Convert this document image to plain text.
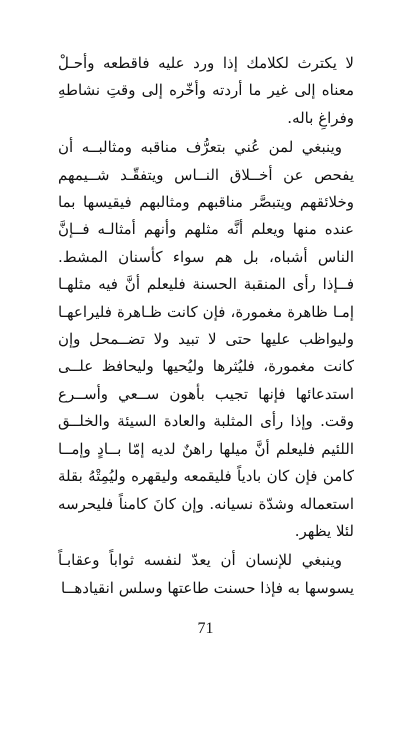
لا يكترث لكلامك إذا ورد عليه فاقطعه وأحـلْ معناه إلى غير ما أردته وأخّره إلى وقتِ نشاطهِ وفراغِ باله.

وينبغي لمن عُني بتعرُّف مناقبه ومثالبــه أن يفحص عن أخــلاق النــاس ويتفقّـد شــيمهم وخلائقهم ويتبصَّر مناقبهم ومثالبهم فيقيسها بما عنده منها ويعلم أنَّه مثلهم وأنهم أمثالـه فــإنَّ الناس أشباه، بل هم سواء كأسنان المشط. فــإذا رأى المنقبة الحسنة فليعلم أنَّ فيه مثلهـا إمـا ظاهرة مغمورة، فإن كانت ظـاهرة فليراعهـا وليواظب عليها حتى لا تبيد ولا تضــمحل وإن كانت مغمورة، فليُثرها وليُحيها وليحافظ علــى استدعائها فإنها تجيب بأهون ســعي وأســرع وقت. وإذا رأى المثلبة والعادة السيئة والخلــق اللئيم فليعلم أنَّ ميلها راهنٌ لديه إمّا بــادٍ وإمــا كامن فإن كان بادياً فليقمعه وليقهره وليُمِتْهُ بقلة استعماله وشدّة نسيانه. وإن كانَ كامناً فليحرسه لئلا يظهر.

وينبغي للإنسان أن يعدّ لنفسه ثواباً وعقابـاً يسوسها به فإذا حسنت طاعتها وسلس انقيادهــا

71
